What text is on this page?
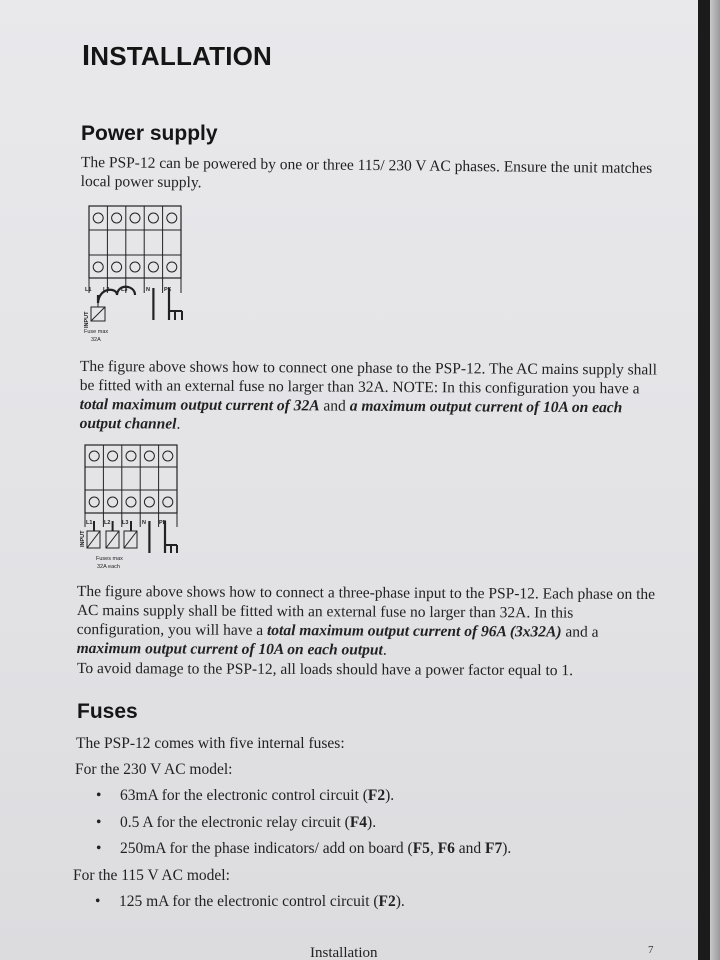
INSTALLATION
Power supply

The PSP-12 can be powered by one or three 115/ 230 V AC phases. Ensure the unit matches
local power supply.

L1 L2 L3	N	PE
INPUT
Fuse max
32A

The figure above shows how to connect one phase to the PSP-12. The AC mains supply shall
be fitted with an external fuse no larger than 32A. NOTE: In this configuration you have a
total maximum output current of 32A and a maximum output current of 10A on each
output channel.

L1 L2 L3 N PE
INPUT
Fuses max
32A each

The figure above shows how to connect a three-phase input to the PSP-12. Each phase on the
AC mains supply shall be fitted with an external fuse no larger than 32A. In this
configuration, you will have a total maximum output current of 96A (3x32A) and a
maximum output current of 10A on each output.

To avoid damage to the PSP-12, all loads should have a power factor equal to 1.

Fuses

The PSP-12 comes with five internal fuses:

For the 230 V AC model:

• 63mA for the electronic control circuit (F2).
• 0.5 A for the electronic relay circuit (F4).
• 250mA for the phase indicators/ add on board (F5, F6 and F7).

For the 115 V AC model:

• 125 mA for the electronic control circuit (F2).
Installation	7
